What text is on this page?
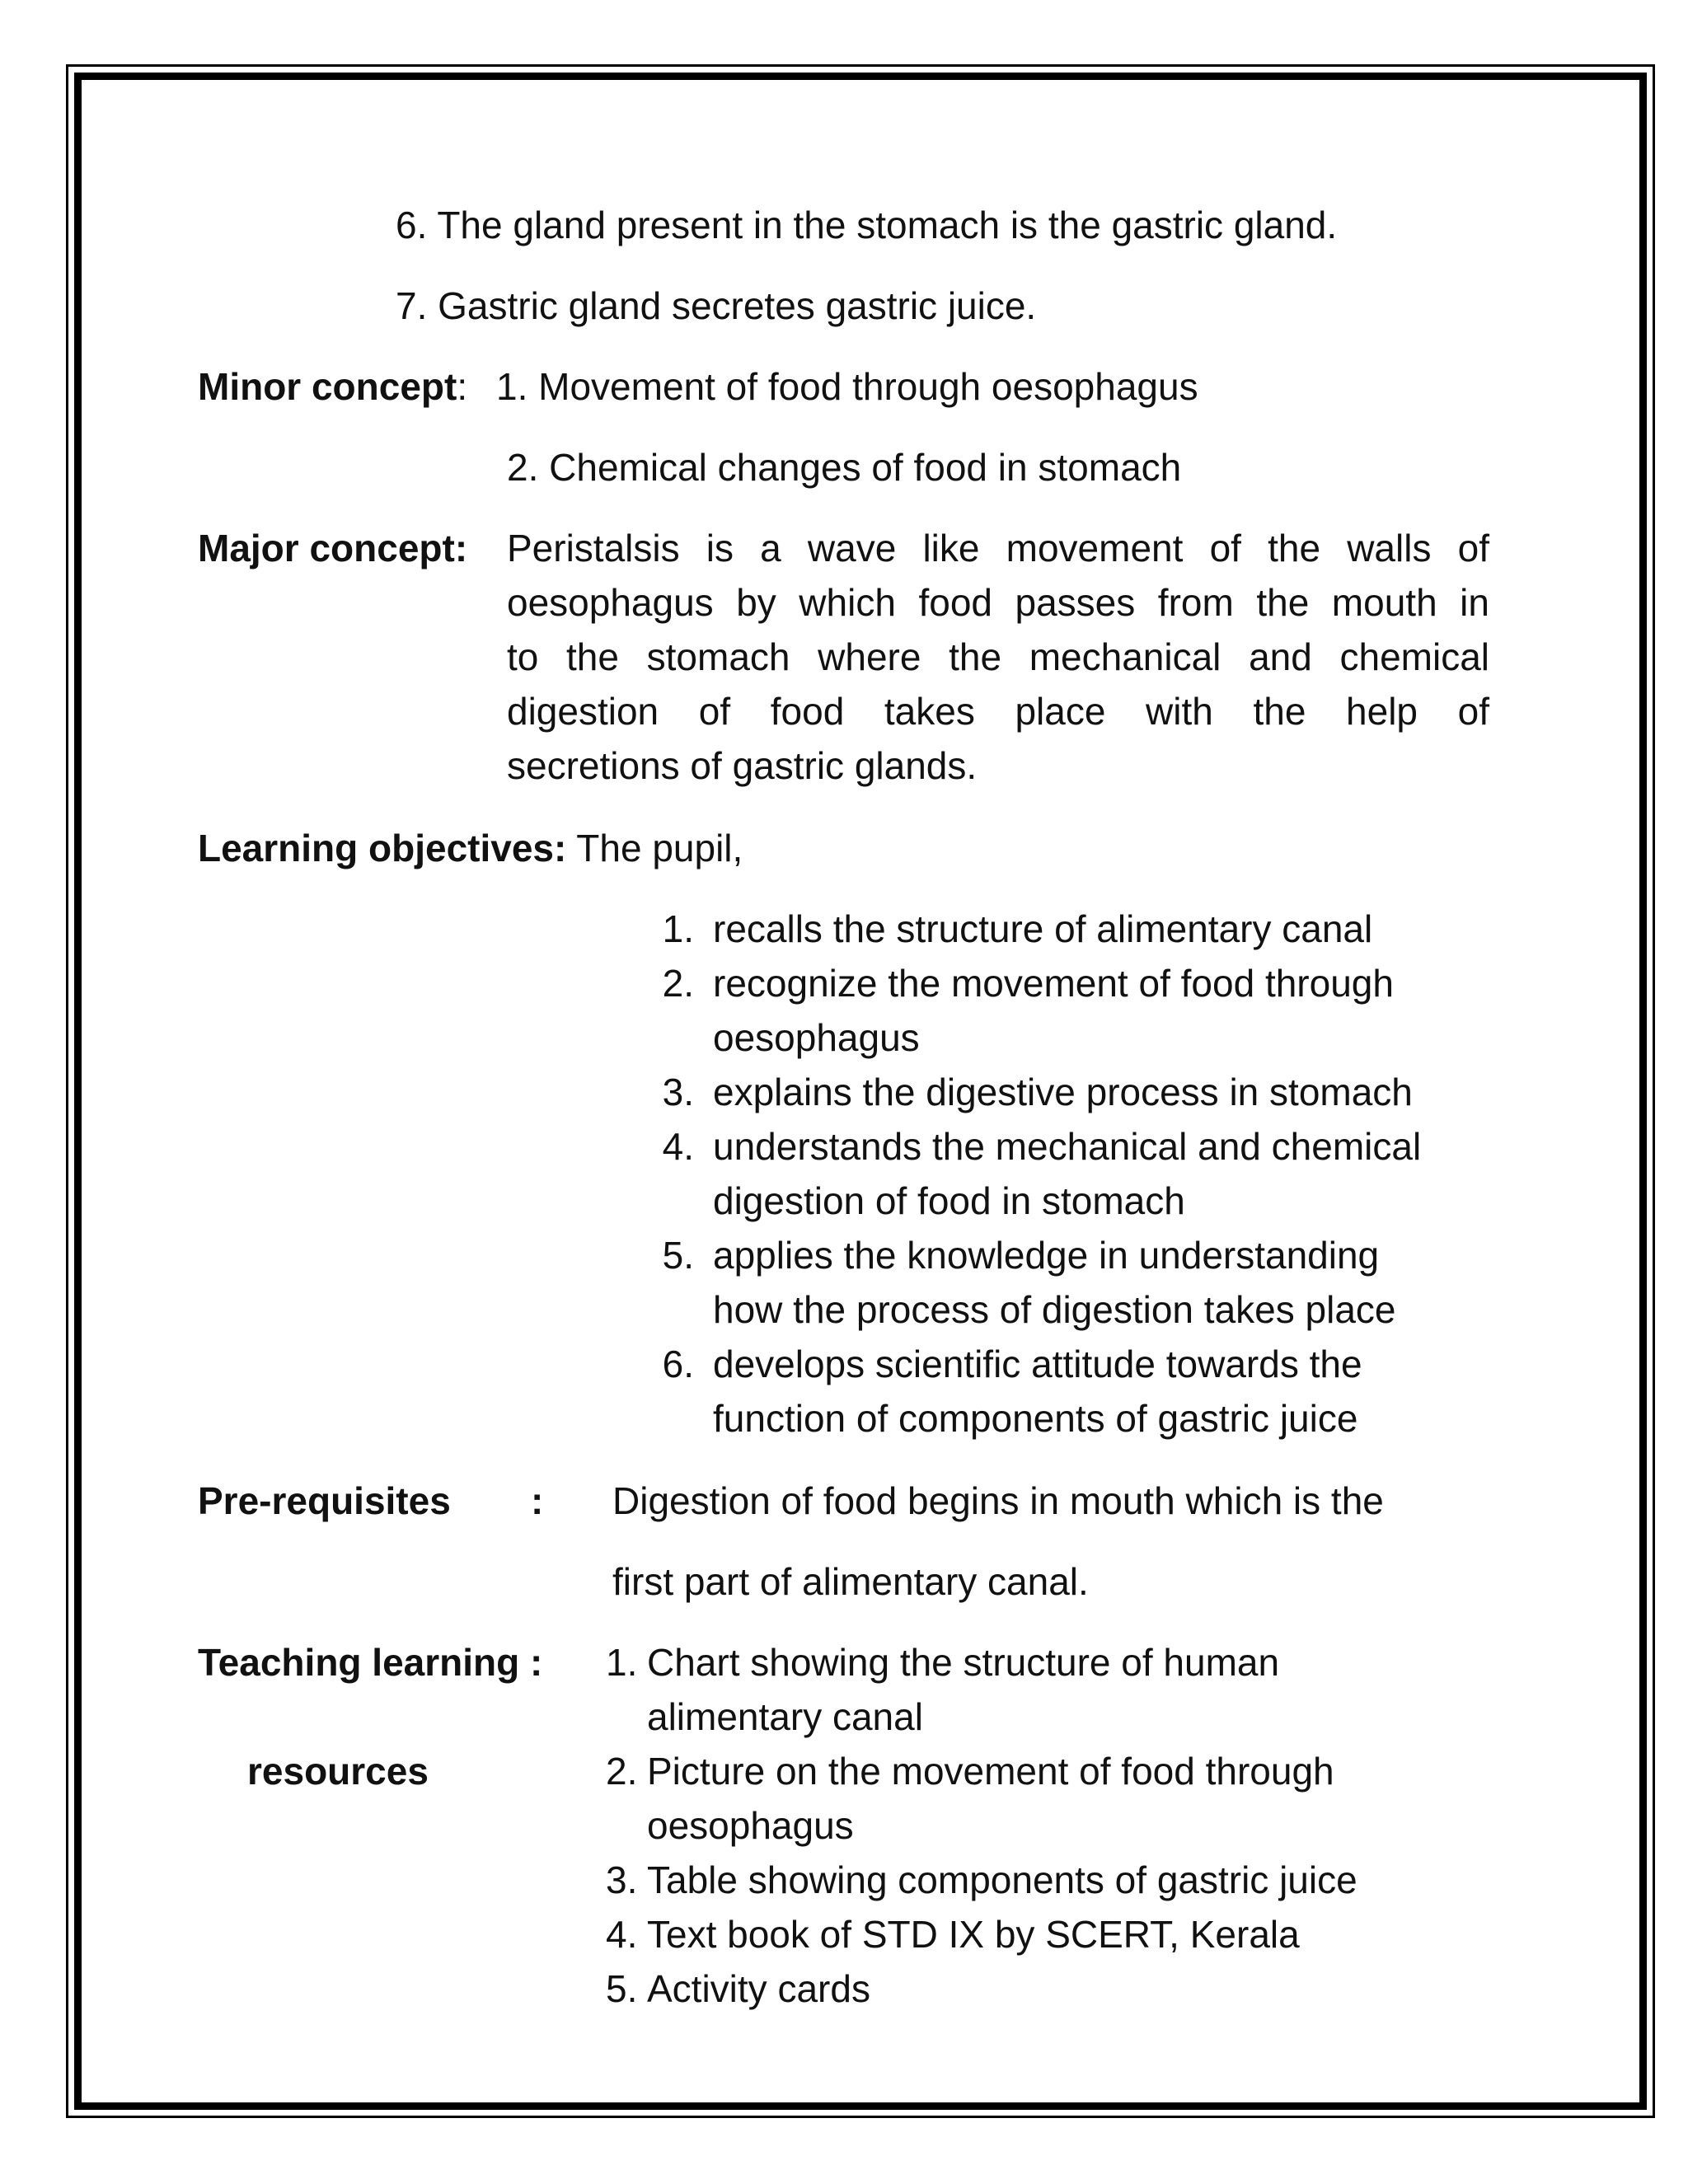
6. The gland present in the stomach is the gastric gland.
7. Gastric gland secretes gastric juice.
Minor concept: 1. Movement of food through oesophagus
2. Chemical changes of food in stomach
Major concept: Peristalsis is a wave like movement of the walls of
oesophagus by which food passes from the mouth in
to the stomach where the mechanical and chemical
digestion of food takes place with the help of
secretions of gastric glands.
Learning objectives: The pupil,
1. recalls the structure of alimentary canal
2. recognize the movement of food through oesophagus
3. explains the digestive process in stomach
4. understands the mechanical and chemical digestion of food in stomach
5. applies the knowledge in understanding how the process of digestion takes place
6. develops scientific attitude towards the function of components of gastric juice
Pre-requisites : Digestion of food begins in mouth which is the
first part of alimentary canal.
Teaching learning :
resources
1. Chart showing the structure of human alimentary canal
2. Picture on the movement of food through oesophagus
3. Table showing components of gastric juice
4. Text book of STD IX by SCERT, Kerala
5. Activity cards
